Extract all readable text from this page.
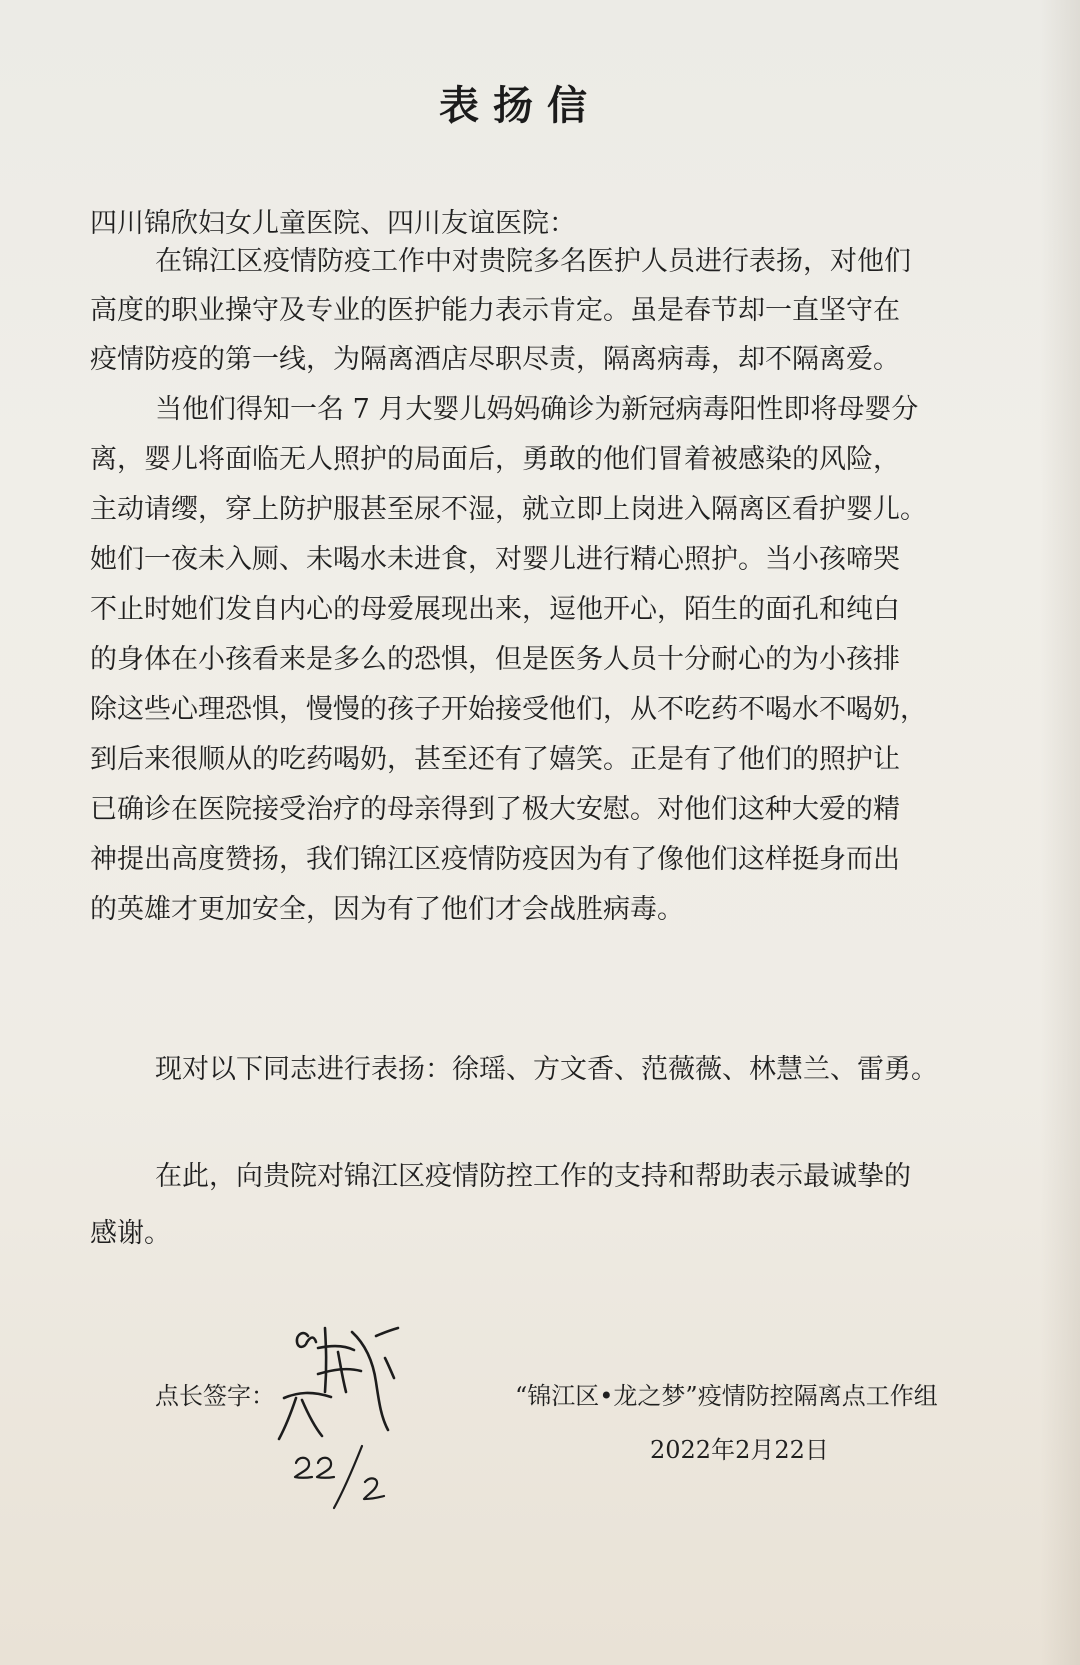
表扬信
四川锦欣妇女儿童医院、四川友谊医院：
在锦江区疫情防疫工作中对贵院多名医护人员进行表扬，对他们
高度的职业操守及专业的医护能力表示肯定。虽是春节却一直坚守在
疫情防疫的第一线，为隔离酒店尽职尽责，隔离病毒，却不隔离爱。
当他们得知一名 7 月大婴儿妈妈确诊为新冠病毒阳性即将母婴分
离，婴儿将面临无人照护的局面后，勇敢的他们冒着被感染的风险，
主动请缨，穿上防护服甚至尿不湿，就立即上岗进入隔离区看护婴儿。
她们一夜未入厕、未喝水未进食，对婴儿进行精心照护。当小孩啼哭
不止时她们发自内心的母爱展现出来，逗他开心，陌生的面孔和纯白
的身体在小孩看来是多么的恐惧，但是医务人员十分耐心的为小孩排
除这些心理恐惧，慢慢的孩子开始接受他们，从不吃药不喝水不喝奶，
到后来很顺从的吃药喝奶，甚至还有了嬉笑。正是有了他们的照护让
已确诊在医院接受治疗的母亲得到了极大安慰。对他们这种大爱的精
神提出高度赞扬，我们锦江区疫情防疫因为有了像他们这样挺身而出
的英雄才更加安全，因为有了他们才会战胜病毒。
现对以下同志进行表扬：徐瑶、方文香、范薇薇、林慧兰、雷勇。
在此，向贵院对锦江区疫情防控工作的支持和帮助表示最诚挚的
感谢。
点长签字：	“锦江区•龙之梦”疫情防控隔离点工作组
2022年2月22日
